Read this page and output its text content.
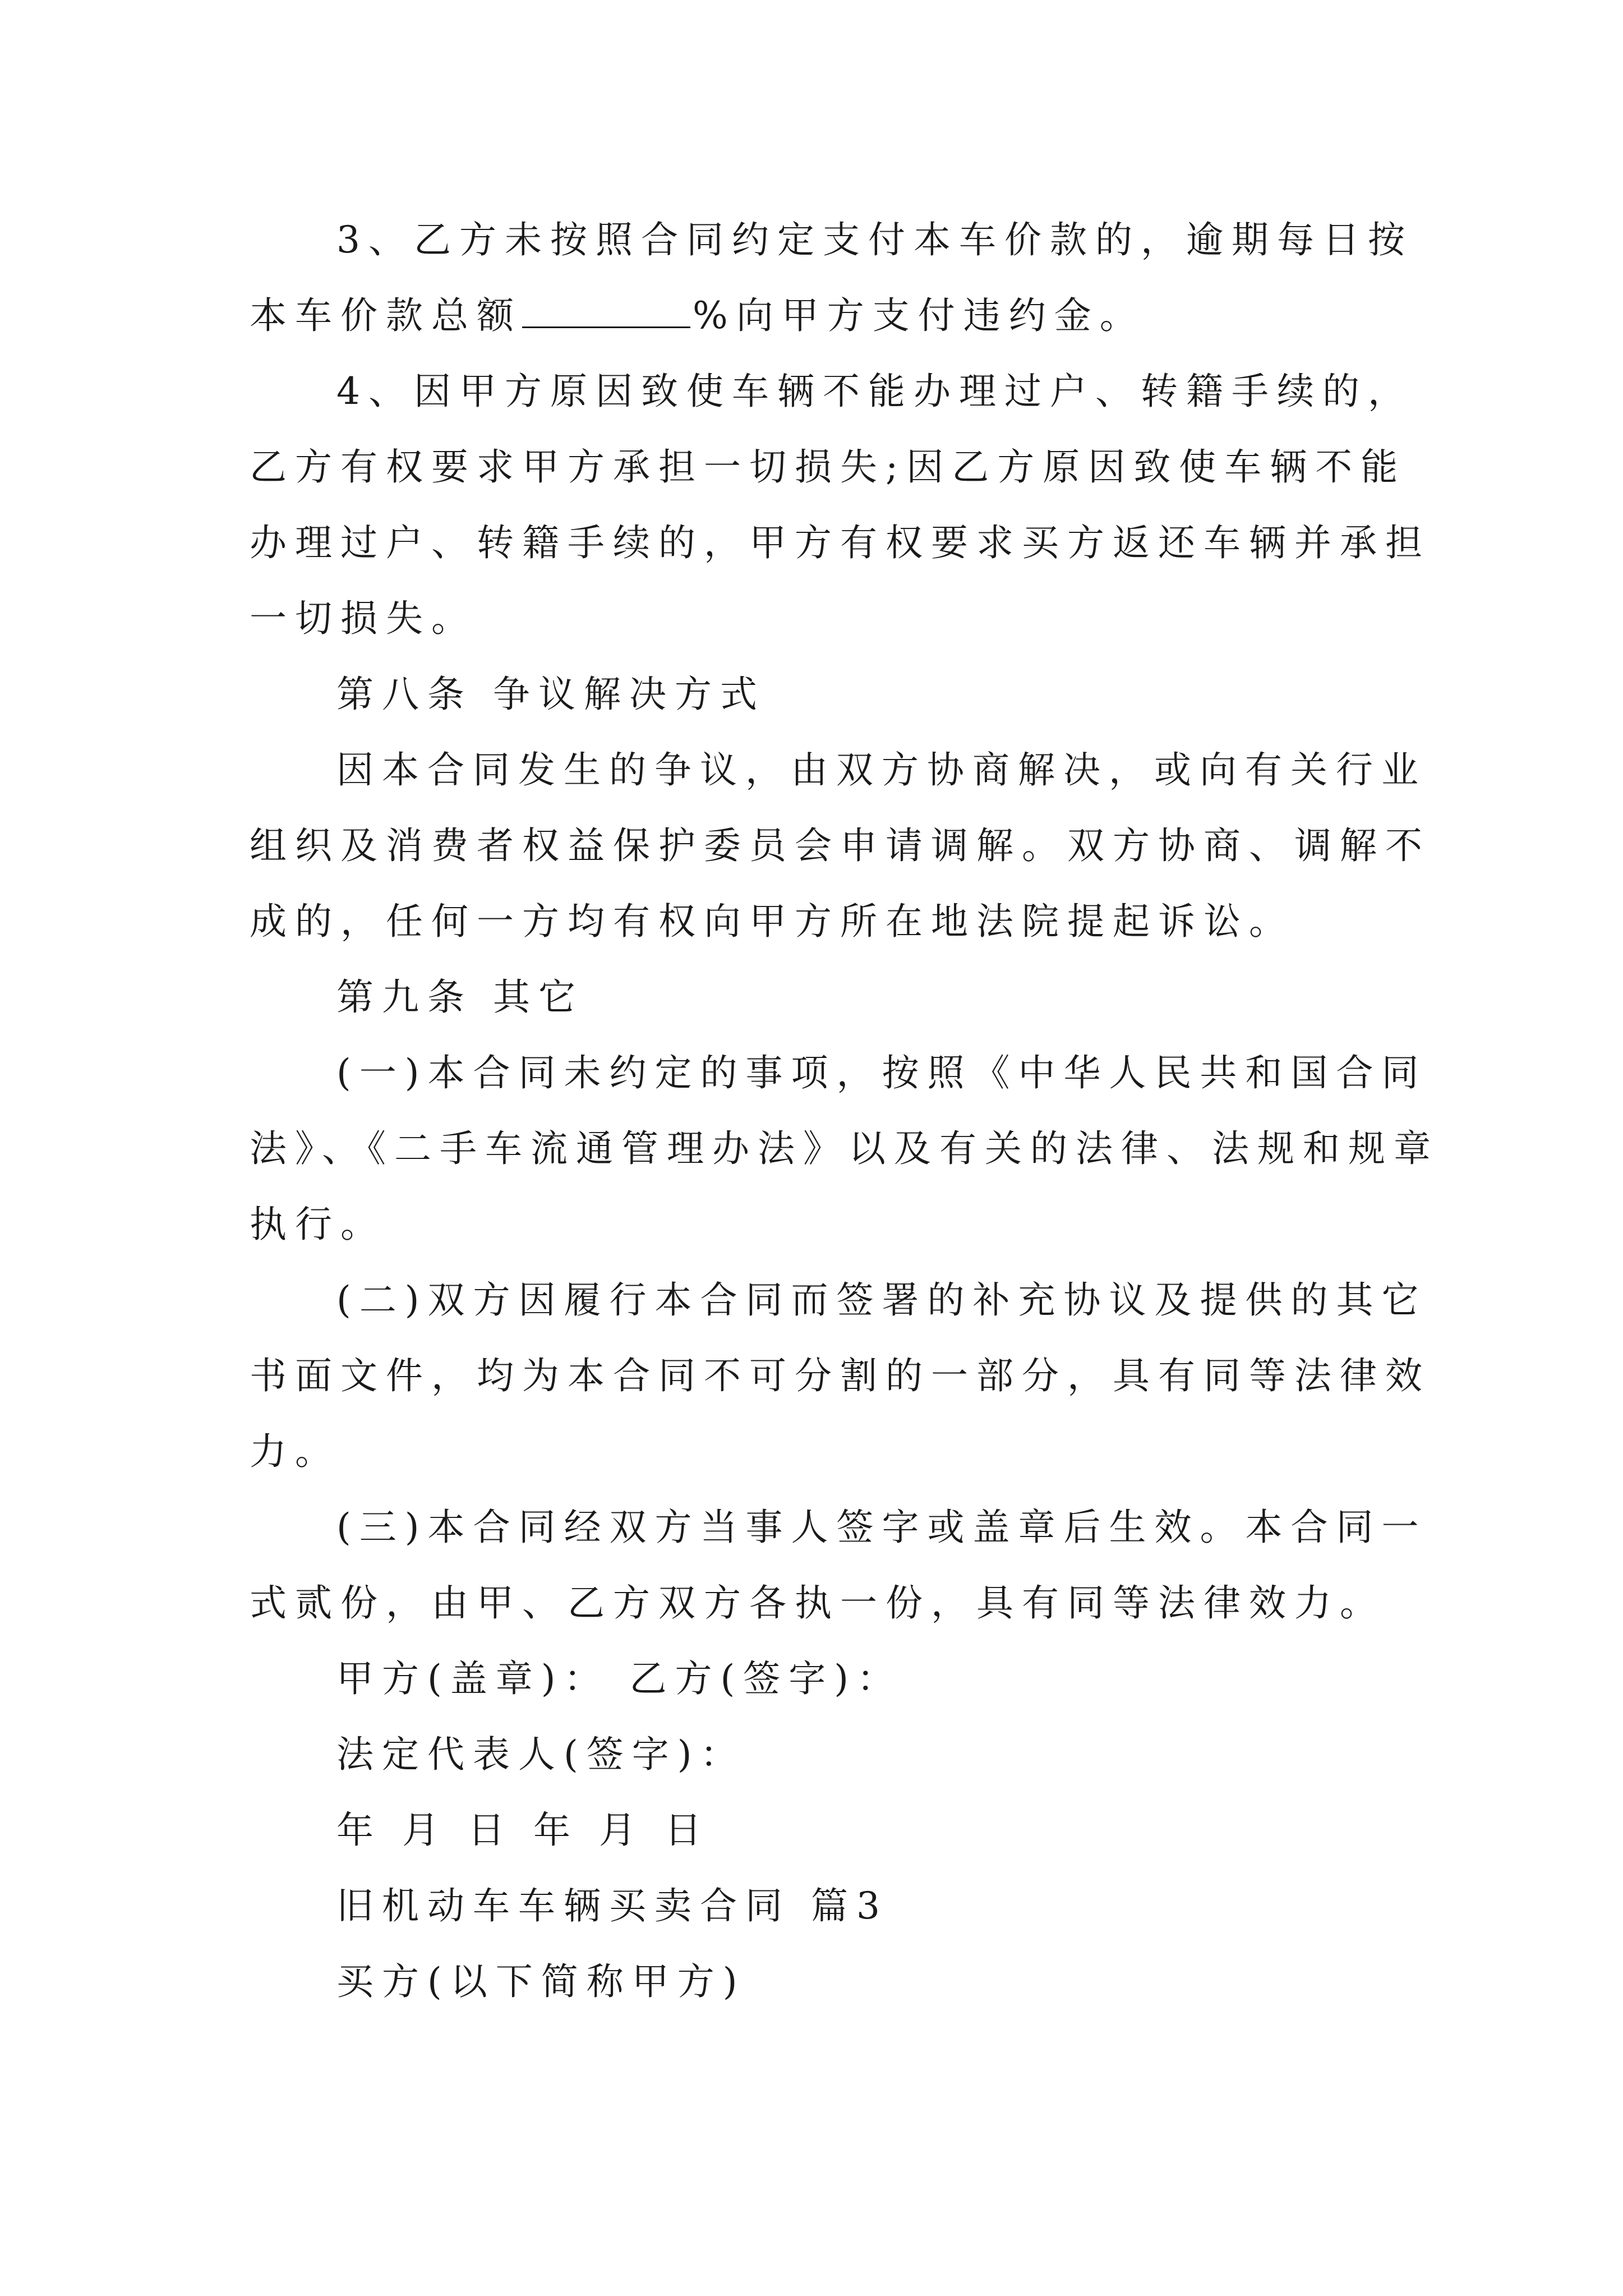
3、乙方未按照合同约定支付本车价款的，逾期每日按
本车价款总额	%向甲方支付违约金。
4、因甲方原因致使车辆不能办理过户、转籍手续的，
乙方有权要求甲方承担一切损失;因乙方原因致使车辆不能
办理过户、转籍手续的，甲方有权要求买方返还车辆并承担
一切损失。
第八条 争议解决方式
因本合同发生的争议，由双方协商解决，或向有关行业
组织及消费者权益保护委员会申请调解。双方协商、调解不
成的，任何一方均有权向甲方所在地法院提起诉讼。
第九条 其它
(一)本合同未约定的事项，按照《中华人民共和国合同
法》、《二手车流通管理办法》以及有关的法律、法规和规章
执行。
(二)双方因履行本合同而签署的补充协议及提供的其它
书面文件，均为本合同不可分割的一部分，具有同等法律效
力。
(三)本合同经双方当事人签字或盖章后生效。本合同一
式贰份，由甲、乙方双方各执一份，具有同等法律效力。
甲方(盖章)： 乙方(签字)：
法定代表人(签字)：
年 月 日 年 月 日
旧机动车车辆买卖合同 篇3
买方(以下简称甲方)
